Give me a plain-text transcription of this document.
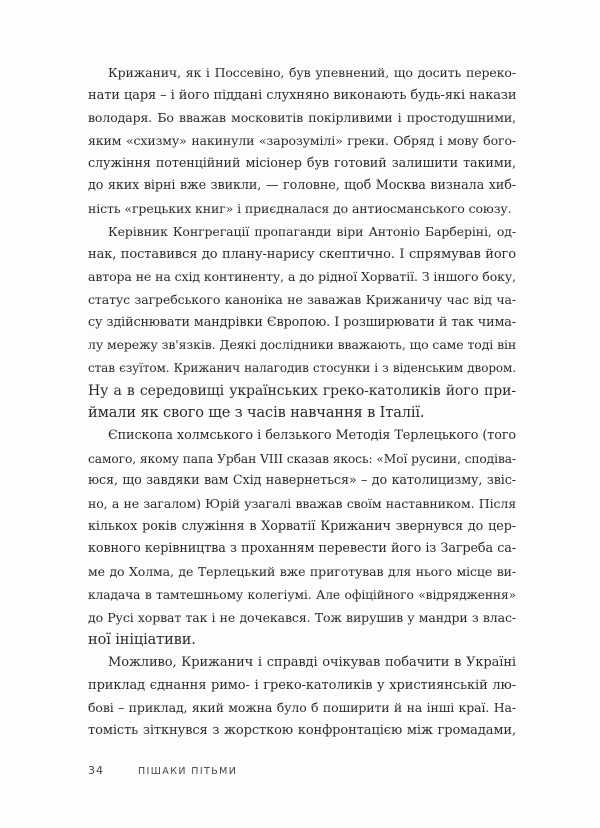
Крижанич, як і Поссевіно, був упевнений, що досить переко-
нати царя – і його піддані слухняно виконають будь-які накази
володаря. Бо вважав московитів покірливими і простодушними,
яким «схизму» накинули «зарозумілі» греки. Обряд і мову бого-
служіння потенційний місіонер був готовий залишити такими,
до яких вірні вже звикли, — головне, щоб Москва визнала хиб-
ність «грецьких книг» і приєдналася до антиосманського союзу.
Керівник Конгрегації пропаганди віри Антоніо Барберіні, од-
нак, поставився до плану-нарису скептично. І спрямував його
автора не на схід континенту, а до рідної Хорватії. З іншого боку,
статус загребського каноніка не заважав Крижаничу час від ча-
су здійснювати мандрівки Європою. І розширювати й так чима-
лу мережу зв'язків. Деякі дослідники вважають, що саме тоді він
став єзуїтом. Крижанич налагодив стосунки і з віденським двором.
Ну а в середовищі українських греко-католиків його при-
ймали як свого ще з часів навчання в Італії.
Єпископа холмського і белзького Методія Терлецького (того
самого, якому папа Урбан VIII сказав якось: «Мої русини, сподіва-
юся, що завдяки вам Схід навернеться» – до католицизму, звіс-
но, а не загалом) Юрій узагалі вважав своїм наставником. Після
кількох років служіння в Хорватії Крижанич звернувся до цер-
ковного керівництва з проханням перевести його із Загреба са-
ме до Холма, де Терлецький вже приготував для нього місце ви-
кладача в тамтешньому колегіумі. Але офіційного «відрядження»
до Русі хорват так і не дочекався. Тож вирушив у мандри з влас-
ної ініціативи.
Можливо, Крижанич і справді очікував побачити в Україні
приклад єднання римо- і греко-католиків у християнській лю-
бові – приклад, який можна було б поширити й на інші краї. На-
томість зіткнувся з жорсткою конфронтацією між громадами,
34	ПІШАКИ ПІТЬМИ
